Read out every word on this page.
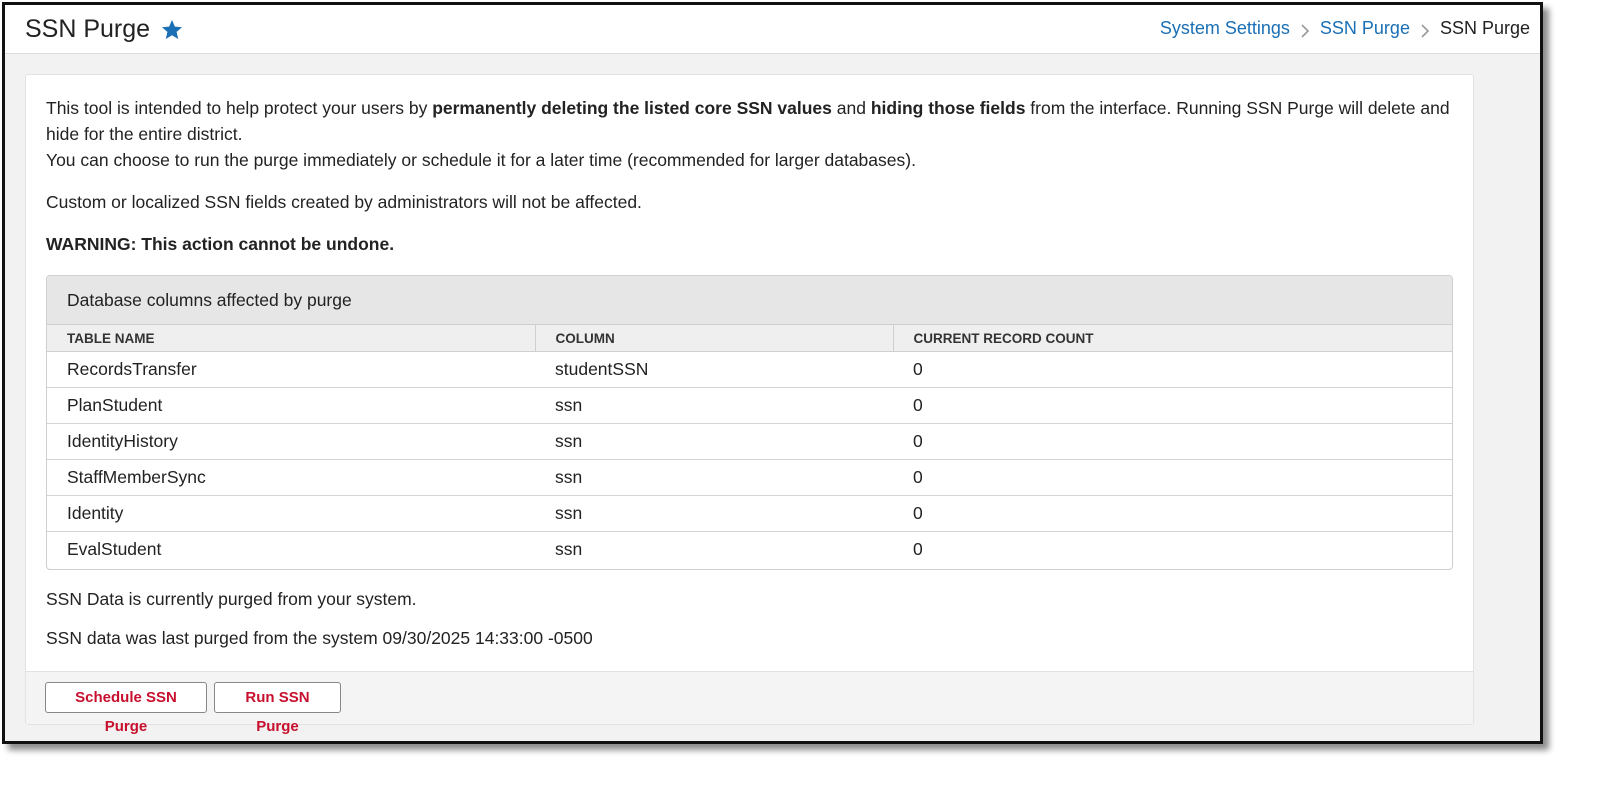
SSN Purge	System Settings SSN Purge SSN Purge

This tool is intended to help protect your users by permanently deleting the listed core SSN values and hiding those fields from the interface. Running SSN Purge will delete and hide for the entire district.

You can choose to run the purge immediately or schedule it for a later time (recommended for larger databases).

Custom or localized SSN fields created by administrators will not be affected.

WARNING: This action cannot be undone.

Database columns affected by purge
TABLE NAME	COLUMN	CURRENT RECORD COUNT
RecordsTransfer	studentSSN	0
PlanStudent	ssn	0
IdentityHistory	ssn	0
StaffMemberSync	ssn	0
Identity	ssn	0
EvalStudent	ssn	0
SSN Data is currently purged from your system.
SSN data was last purged from the system 09/30/2025 14:33:00 -0500
Schedule SSN Purge
Run SSN Purge
